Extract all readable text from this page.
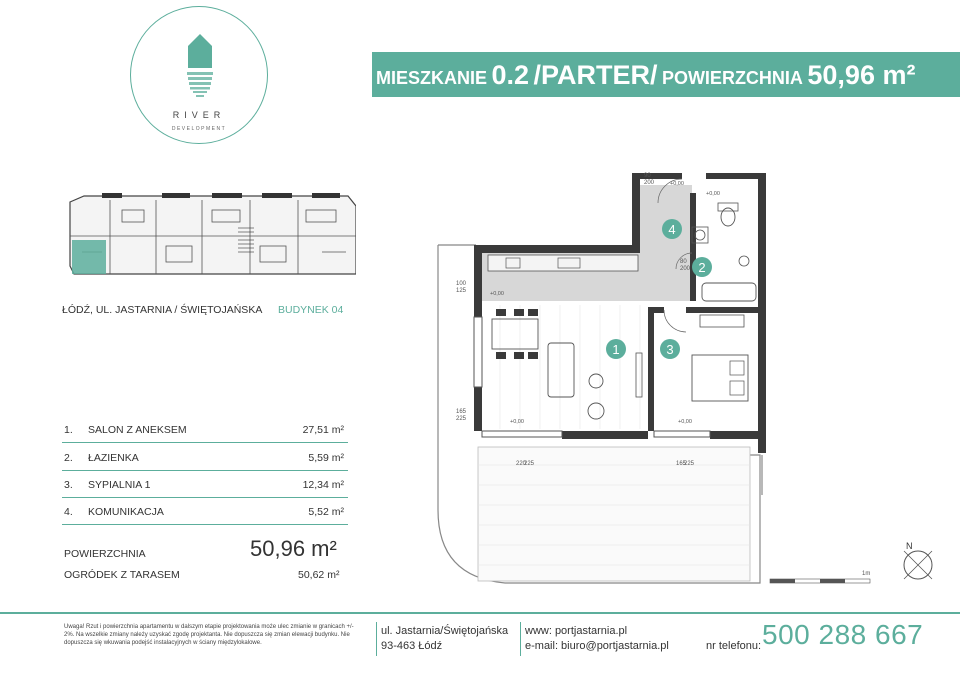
RIVER
DEVELOPMENT
MIESZKANIE 0.2 /PARTER/ POWIERZCHNIA 50,96 m²
ŁÓDŹ, UL. JASTARNIA / ŚWIĘTOJAŃSKA BUDYNEK 04
1. SALON Z ANEKSEM	27,51 m²
2. ŁAZIENKA	5,59 m²
3. SYPIALNIA 1	12,34 m²
4. KOMUNIKACJA	5,52 m²
POWIERZCHNIA	50,96 m²
OGRÓDEK Z TARASEM	50,62 m²
1
2
3
4
90
200
80
200
100
125
165
225
220
225	165
225
+0,00
+0,00	+0,00
+0,00
+0,00
1m
N
Uwaga! Rzut i powierzchnia apartamentu w dalszym etapie projektowania może ulec zmianie w granicach +/- 2%. Na wszelkie zmiany należy uzyskać zgodę projektanta. Nie dopuszcza się zmian elewacji budynku. Nie dopuszcza się wkuwania podejść instalacyjnych w ściany międzylokalowe.
ul. Jastarnia/Świętojańska
93-463 Łódź
www: portjastarnia.pl
e-mail: biuro@portjastarnia.pl	nr telefonu: 500 288 667
